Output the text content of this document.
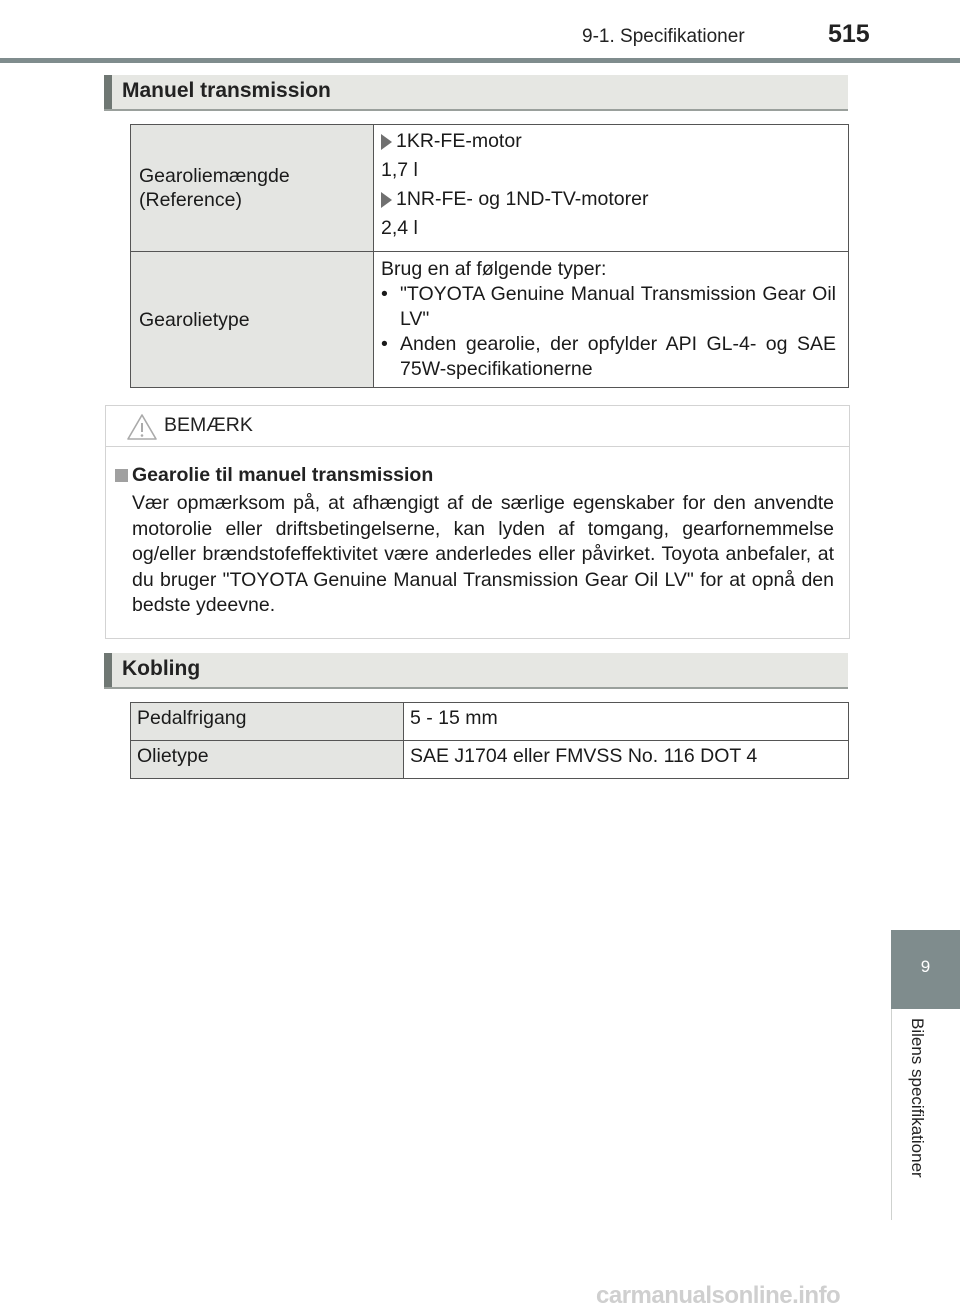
9-1. Specifikationer	515
Manuel transmission
Gearoliemængde (Reference)	1KR-FE-motor
1,7 l
1NR-FE- og 1ND-TV-motorer
2,4 l

Gearolietype	Brug en af følgende typer:
• "TOYOTA Genuine Manual Transmission Gear Oil LV"
• Anden gearolie, der opfylder API GL-4- og SAE 75W-specifikationerne
BEMÆRK
Gearolie til manuel transmission
Vær opmærksom på, at afhængigt af de særlige egenskaber for den anvendte motorolie eller driftsbetingelserne, kan lyden af tomgang, gearfornemmelse og/eller brændstofeffektivitet være anderledes eller påvirket. Toyota anbefaler, at du bruger "TOYOTA Genuine Manual Transmission Gear Oil LV" for at opnå den bedste ydeevne.
Kobling
Pedalfrigang	5 - 15 mm

Olietype	SAE J1704 eller FMVSS No. 116 DOT 4
9
Bilens specifikationer
carmanualsonline.info
